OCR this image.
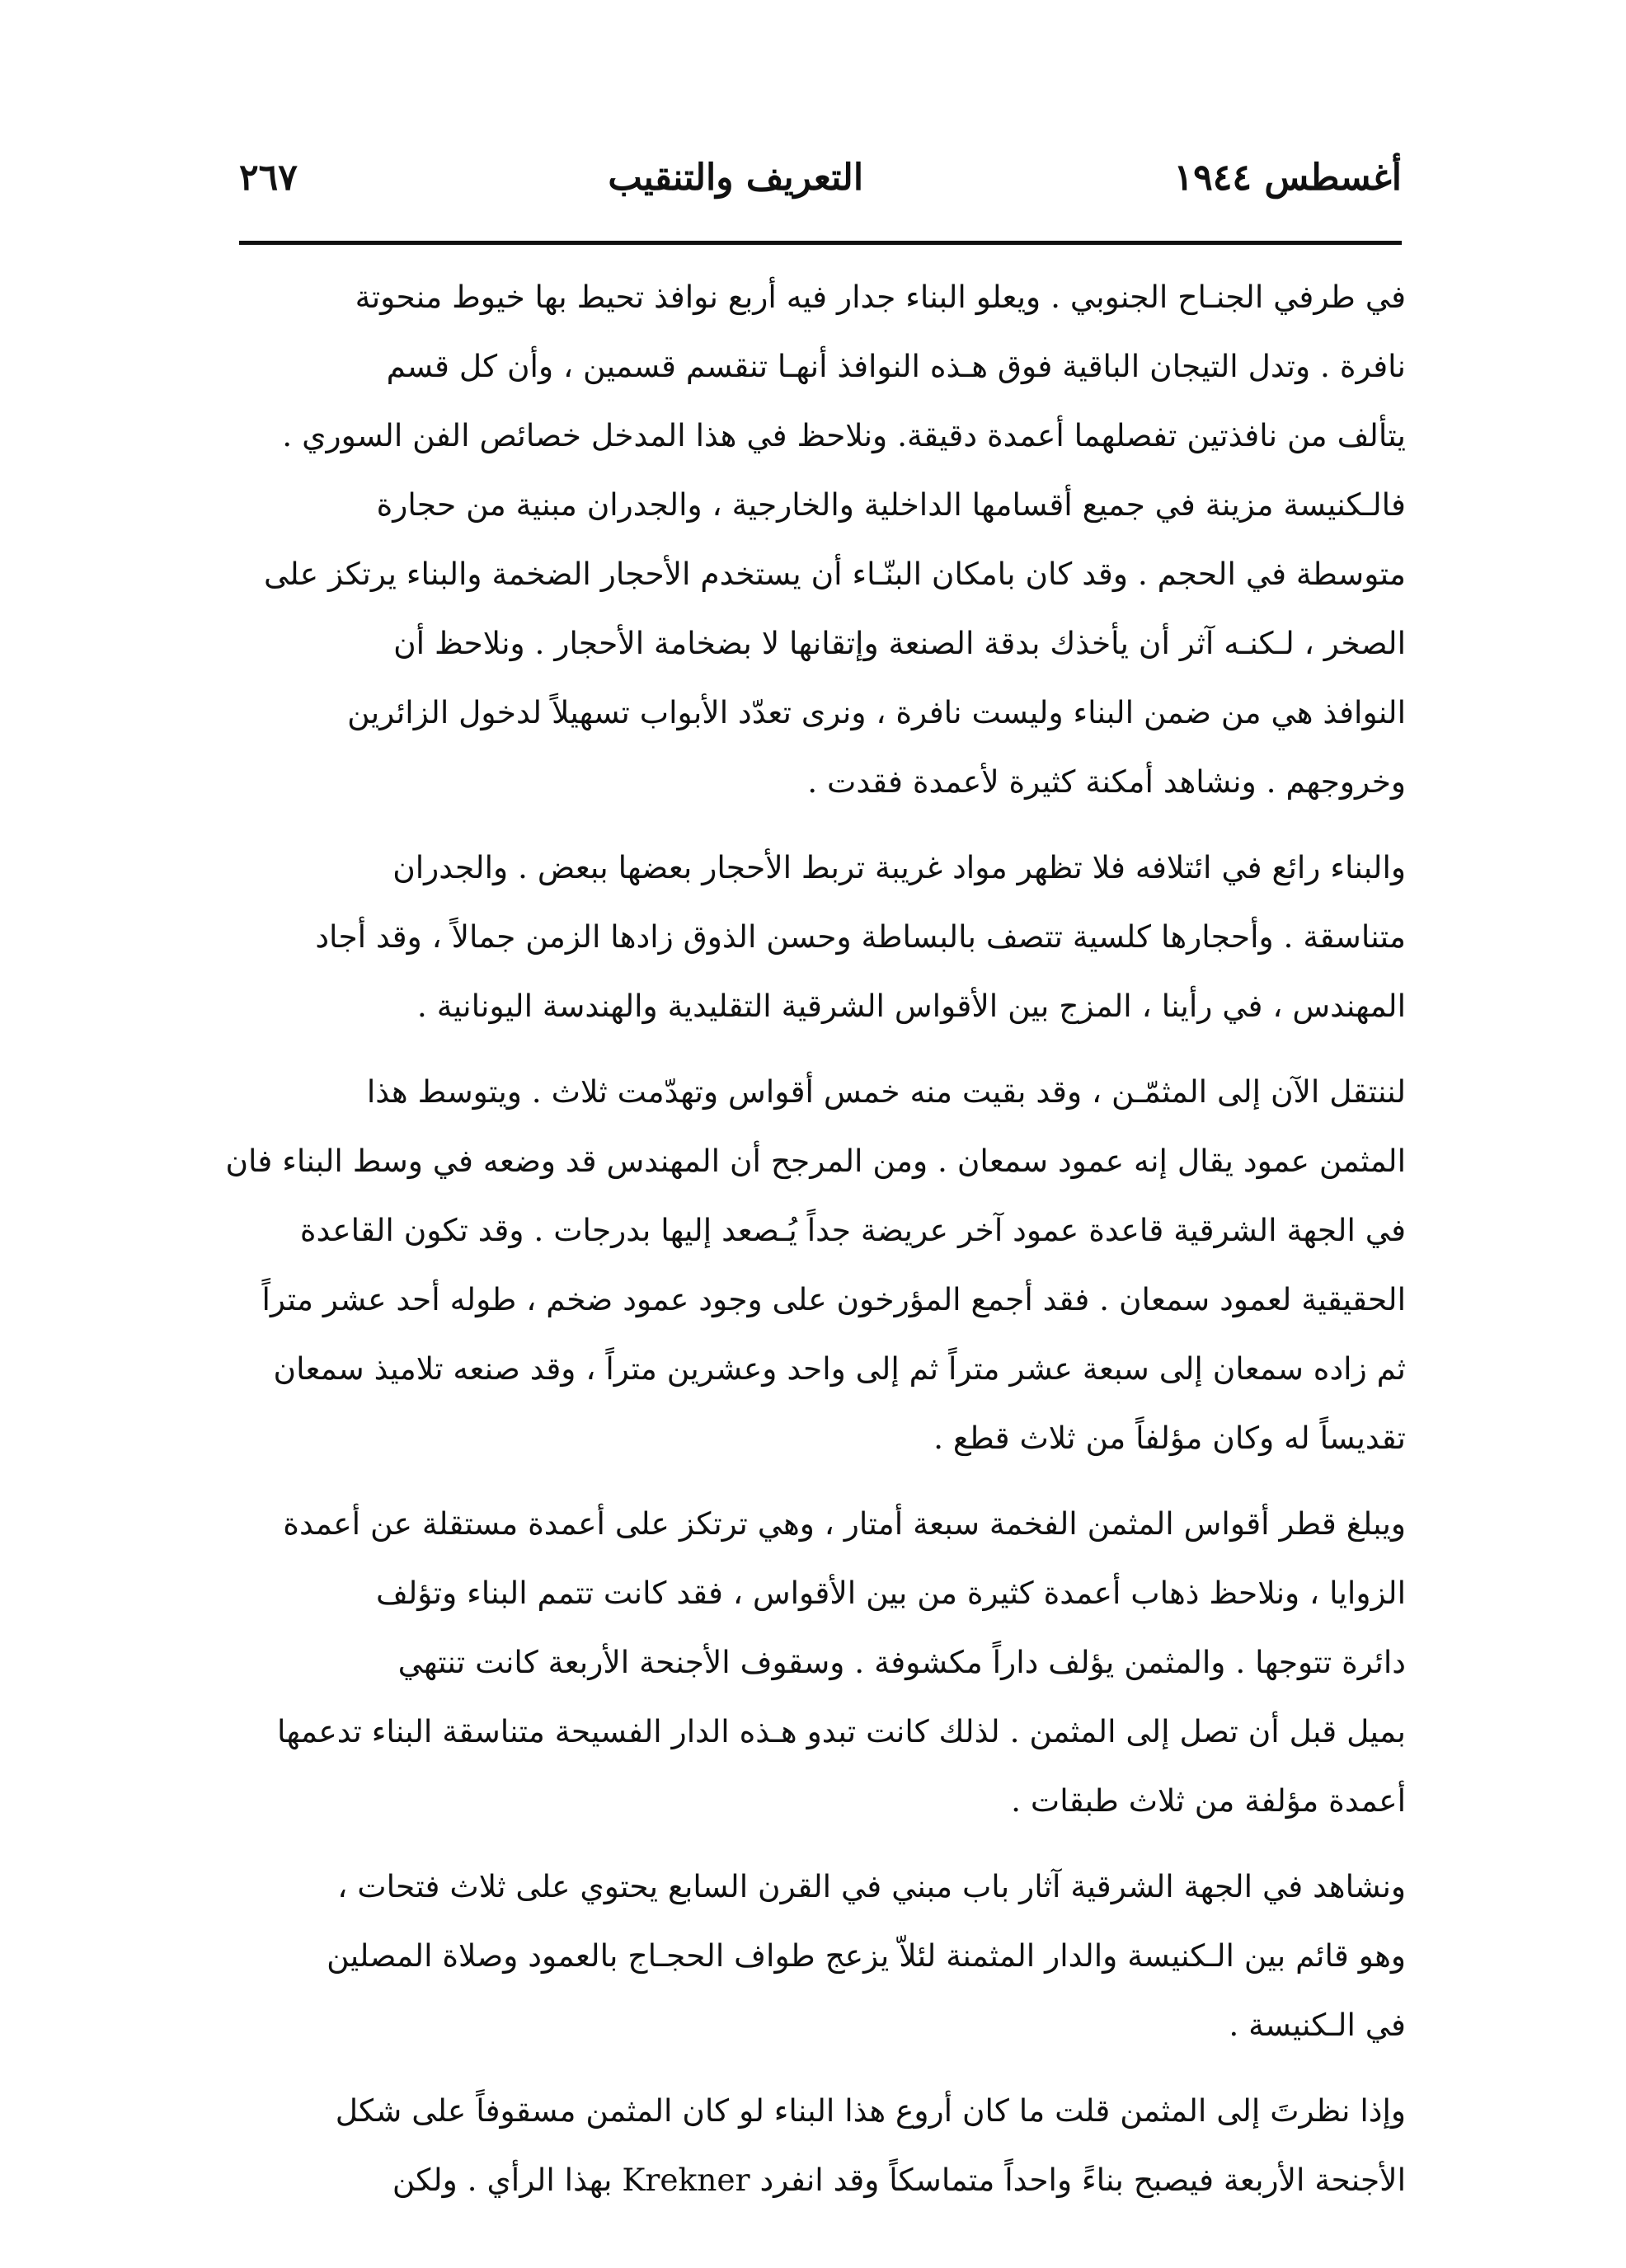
أغسطس ١٩٤٤
التعريف والتنقيب
٢٦٧

في طرفي الجنـاح الجنوبي . ويعلو البناء جدار فيه أربع نوافذ تحيط بها خيوط منحوتة
نافرة . وتدل التيجان الباقية فوق هـذه النوافذ أنهـا تنقسم قسمين ، وأن كل قسم
يتألف من نافذتين تفصلهما أعمدة دقيقة. ونلاحظ في هذا المدخل خصائص الفن السوري .
فالـكنيسة مزينة في جميع أقسامها الداخلية والخارجية ، والجدران مبنية من حجارة
متوسطة في الحجم . وقد كان بامكان البنّـاء أن يستخدم الأحجار الضخمة والبناء يرتكز على
الصخر ، لـكنـه آثر أن يأخذك بدقة الصنعة وإتقانها لا بضخامة الأحجار . ونلاحظ أن
النوافذ هي من ضمن البناء وليست نافرة ، ونرى تعدّد الأبواب تسهيلاً لدخول الزائرين
وخروجهم . ونشاهد أمكنة كثيرة لأعمدة فقدت .

والبناء رائع في ائتلافه فلا تظهر مواد غريبة تربط الأحجار بعضها ببعض . والجدران
متناسقة . وأحجارها كلسية تتصف بالبساطة وحسن الذوق زادها الزمن جمالاً ، وقد أجاد
المهندس ، في رأينا ، المزج بين الأقواس الشرقية التقليدية والهندسة اليونانية .

لننتقل الآن إلى المثمّـن ، وقد بقيت منه خمس أقواس وتهدّمت ثلاث . ويتوسط هذا
المثمن عمود يقال إنه عمود سمعان . ومن المرجح أن المهندس قد وضعه في وسط البناء فان
في الجهة الشرقية قاعدة عمود آخر عريضة جداً يُـصعد إليها بدرجات . وقد تكون القاعدة
الحقيقية لعمود سمعان . فقد أجمع المؤرخون على وجود عمود ضخم ، طوله أحد عشر متراً
ثم زاده سمعان إلى سبعة عشر متراً ثم إلى واحد وعشرين متراً ، وقد صنعه تلاميذ سمعان
تقديساً له وكان مؤلفاً من ثلاث قطع .

ويبلغ قطر أقواس المثمن الفخمة سبعة أمتار ، وهي ترتكز على أعمدة مستقلة عن أعمدة
الزوايا ، ونلاحظ ذهاب أعمدة كثيرة من بين الأقواس ، فقد كانت تتمم البناء وتؤلف
دائرة تتوجها . والمثمن يؤلف داراً مكشوفة . وسقوف الأجنحة الأربعة كانت تنتهي
بميل قبل أن تصل إلى المثمن . لذلك كانت تبدو هـذه الدار الفسيحة متناسقة البناء تدعمها
أعمدة مؤلفة من ثلاث طبقات .

ونشاهد في الجهة الشرقية آثار باب مبني في القرن السابع يحتوي على ثلاث فتحات ،
وهو قائم بين الـكنيسة والدار المثمنة لئلاّ يزعج طواف الحجـاج بالعمود وصلاة المصلين
في الـكنيسة .

وإذا نظرتَ إلى المثمن قلت ما كان أروع هذا البناء لو كان المثمن مسقوفاً على شكل
الأجنحة الأربعة فيصبح بناءً واحداً متماسكاً وقد انفرد Krekner بهذا الرأي . ولكن
